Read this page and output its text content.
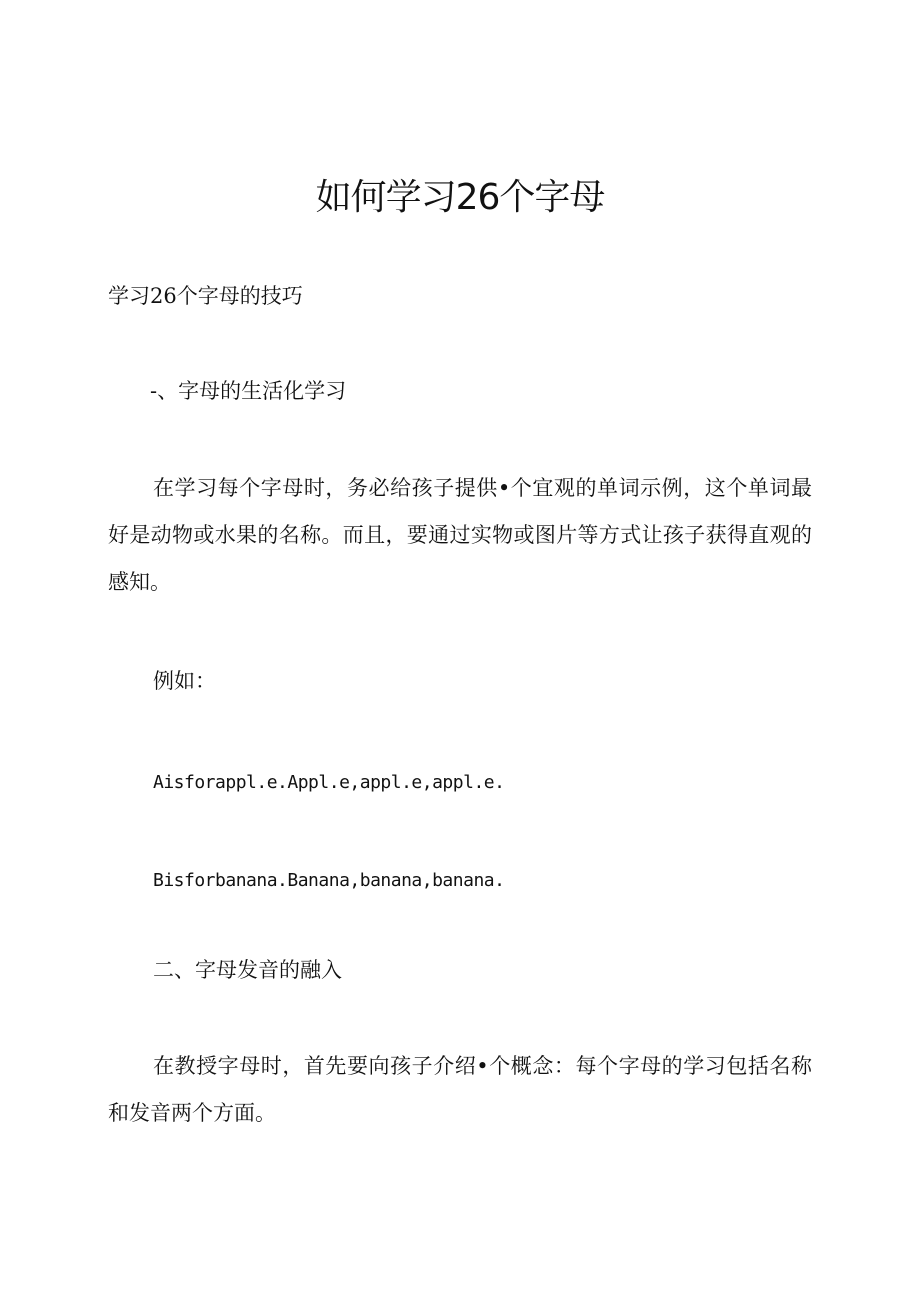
如何学习26个字母

学习26个字母的技巧

-、字母的生活化学习

在学习每个字母时，务必给孩子提供•个宜观的单词示例，这个单词最好是动物或水果的名称。而且，要通过实物或图片等方式让孩子获得直观的感知。

例如：

Aisforappl.e.Appl.e,appl.e,appl.e.

Bisforbanana.Banana,banana,banana.

二、字母发音的融入

在教授字母时，首先要向孩子介绍•个概念：每个字母的学习包括名称和发音两个方面。
